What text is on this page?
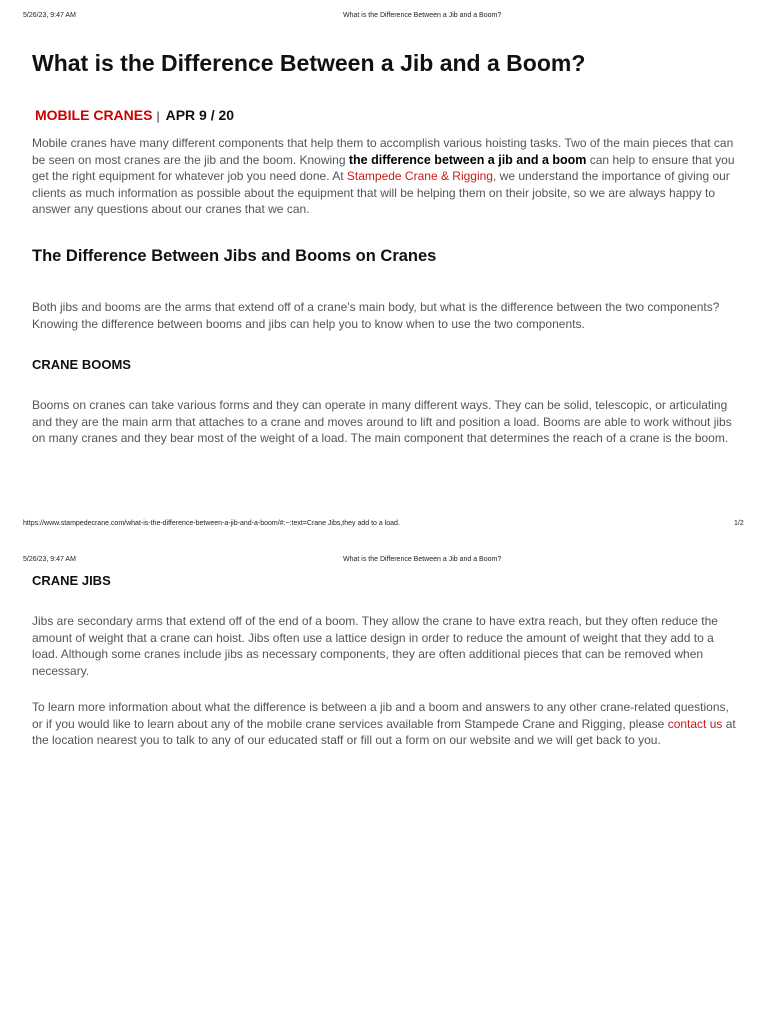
5/26/23, 9:47 AM	What is the Difference Between a Jib and a Boom?
What is the Difference Between a Jib and a Boom?
MOBILE CRANES | APR 9 / 20

Mobile cranes have many different components that help them to accomplish various hoisting tasks. Two of the main pieces that can be seen on most cranes are the jib and the boom. Knowing the difference between a jib and a boom can help to ensure that you get the right equipment for whatever job you need done. At Stampede Crane & Rigging, we understand the importance of giving our clients as much information as possible about the equipment that will be helping them on their jobsite, so we are always happy to answer any questions about our cranes that we can.

The Difference Between Jibs and Booms on Cranes

Both jibs and booms are the arms that extend off of a crane's main body, but what is the difference between the two components? Knowing the difference between booms and jibs can help you to know when to use the two components.

CRANE BOOMS

Booms on cranes can take various forms and they can operate in many different ways. They can be solid, telescopic, or articulating and they are the main arm that attaches to a crane and moves around to lift and position a load. Booms are able to work without jibs on many cranes and they bear most of the weight of a load. The main component that determines the reach of a crane is the boom.

https://www.stampedecrane.com/what-is-the-difference-between-a-jib-and-a-boom/#:~:text=Crane Jibs,they add to a load.	1/2
5/26/23, 9:47 AM	What is the Difference Between a Jib and a Boom?
CRANE JIBS

Jibs are secondary arms that extend off of the end of a boom. They allow the crane to have extra reach, but they often reduce the amount of weight that a crane can hoist. Jibs often use a lattice design in order to reduce the amount of weight that they add to a load. Although some cranes include jibs as necessary components, they are often additional pieces that can be removed when necessary.

To learn more information about what the difference is between a jib and a boom and answers to any other crane-related questions, or if you would like to learn about any of the mobile crane services available from Stampede Crane and Rigging, please contact us at the location nearest you to talk to any of our educated staff or fill out a form on our website and we will get back to you.
